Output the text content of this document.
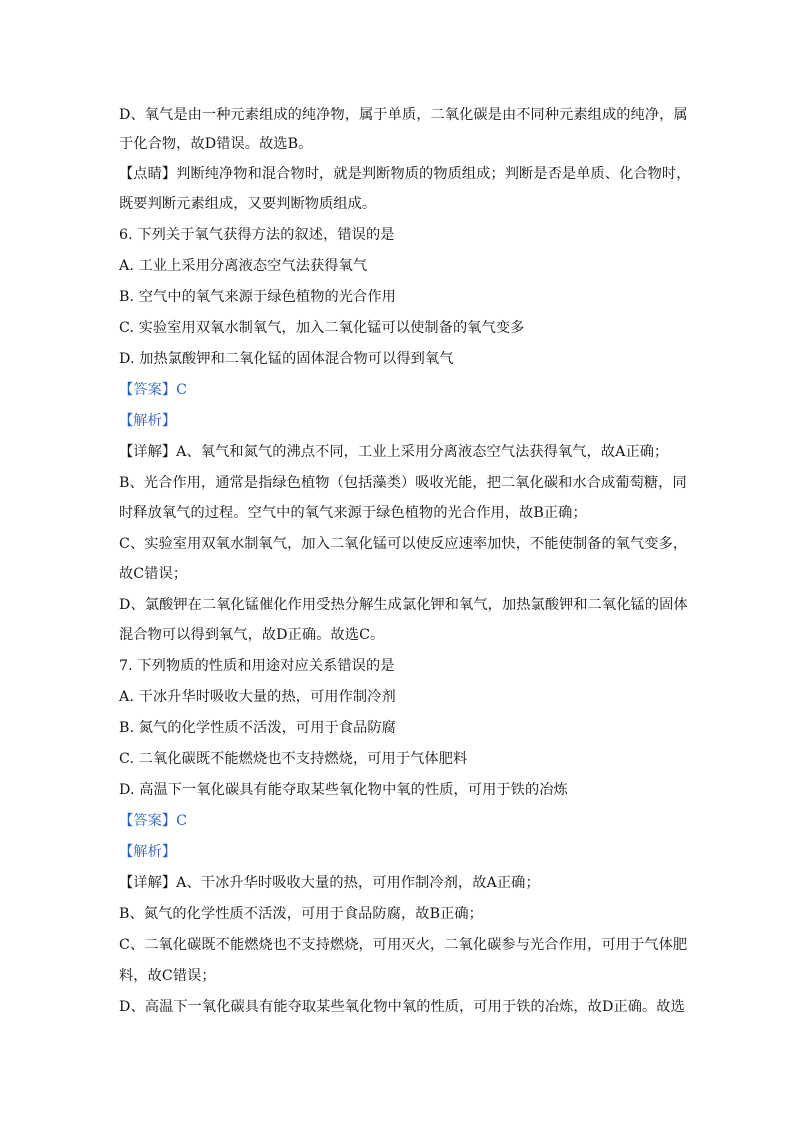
D、氧气是由一种元素组成的纯净物，属于单质，二氧化碳是由不同种元素组成的纯净，属
于化合物，故D错误。故选B。
【点睛】判断纯净物和混合物时，就是判断物质的物质组成；判断是否是单质、化合物时，
既要判断元素组成，又要判断物质组成。
6. 下列关于氧气获得方法的叙述，错误的是
A. 工业上采用分离液态空气法获得氧气
B. 空气中的氧气来源于绿色植物的光合作用
C. 实验室用双氧水制氧气，加入二氧化锰可以使制备的氧气变多
D. 加热氯酸钾和二氧化锰的固体混合物可以得到氧气
【答案】C
【解析】
【详解】A、氧气和氮气的沸点不同，工业上采用分离液态空气法获得氧气，故A正确；
B、光合作用，通常是指绿色植物（包括藻类）吸收光能，把二氧化碳和水合成葡萄糖，同
时释放氧气的过程。空气中的氧气来源于绿色植物的光合作用，故B正确；
C、实验室用双氧水制氧气，加入二氧化锰可以使反应速率加快，不能使制备的氧气变多，
故C错误；
D、氯酸钾在二氧化锰催化作用受热分解生成氯化钾和氧气，加热氯酸钾和二氧化锰的固体
混合物可以得到氧气，故D正确。故选C。
7. 下列物质的性质和用途对应关系错误的是
A. 干冰升华时吸收大量的热，可用作制冷剂
B. 氮气的化学性质不活泼，可用于食品防腐
C. 二氧化碳既不能燃烧也不支持燃烧，可用于气体肥料
D. 高温下一氧化碳具有能夺取某些氧化物中氧的性质，可用于铁的冶炼
【答案】C
【解析】
【详解】A、干冰升华时吸收大量的热，可用作制冷剂，故A正确；
B、氮气的化学性质不活泼，可用于食品防腐，故B正确；
C、二氧化碳既不能燃烧也不支持燃烧，可用灭火，二氧化碳参与光合作用，可用于气体肥
料，故C错误；
D、高温下一氧化碳具有能夺取某些氧化物中氧的性质，可用于铁的冶炼，故D正确。故选
